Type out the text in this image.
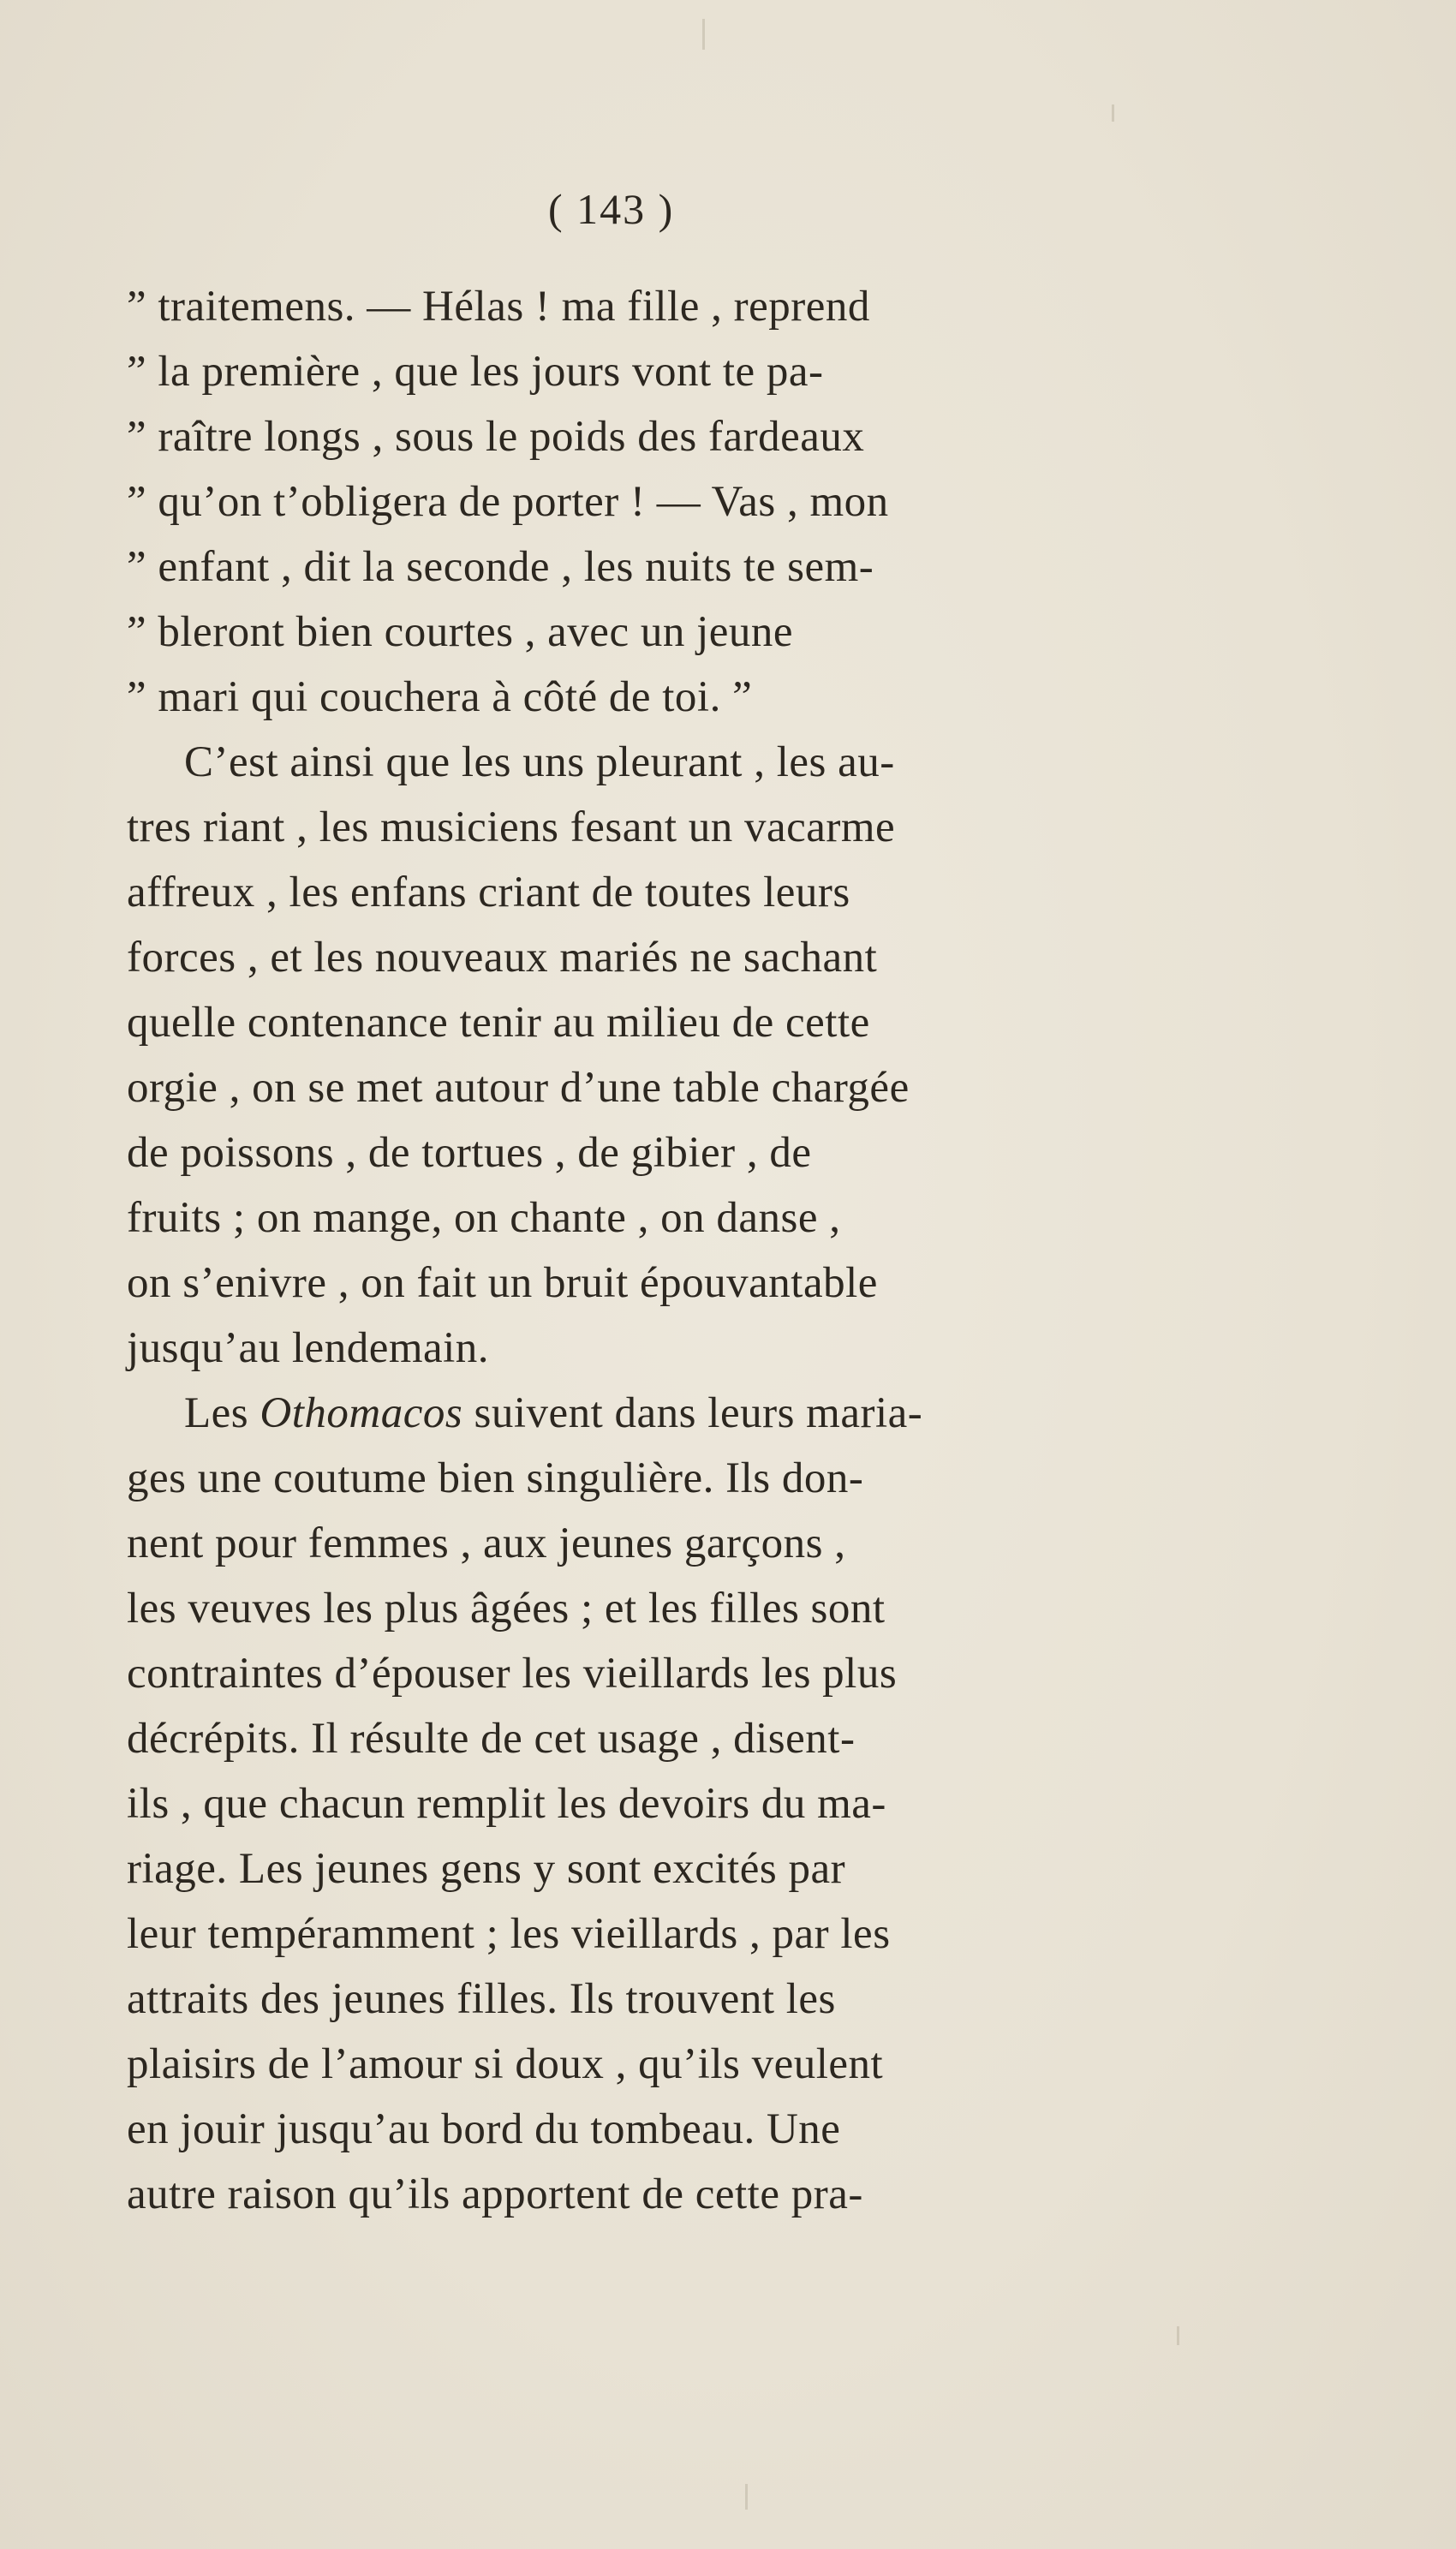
( 143 )
” traitemens. — Hélas ! ma fille , reprend
” la première , que les jours vont te pa-
” raître longs , sous le poids des fardeaux
” qu’on t’obligera de porter ! — Vas , mon
” enfant , dit la seconde , les nuits te sem-
” bleront bien courtes , avec un jeune
” mari qui couchera à côté de toi. ”
C’est ainsi que les uns pleurant , les au-
tres riant , les musiciens fesant un vacarme
affreux , les enfans criant de toutes leurs
forces , et les nouveaux mariés ne sachant
quelle contenance tenir au milieu de cette
orgie , on se met autour d’une table chargée
de poissons , de tortues , de gibier , de
fruits ; on mange, on chante , on danse ,
on s’enivre , on fait un bruit épouvantable
jusqu’au lendemain.
Les Othomacos suivent dans leurs maria-
ges une coutume bien singulière. Ils don-
nent pour femmes , aux jeunes garçons ,
les veuves les plus âgées ; et les filles sont
contraintes d’épouser les vieillards les plus
décrépits. Il résulte de cet usage , disent-
ils , que chacun remplit les devoirs du ma-
riage. Les jeunes gens y sont excités par
leur tempéramment ; les vieillards , par les
attraits des jeunes filles. Ils trouvent les
plaisirs de l’amour si doux , qu’ils veulent
en jouir jusqu’au bord du tombeau. Une
autre raison qu’ils apportent de cette pra-
